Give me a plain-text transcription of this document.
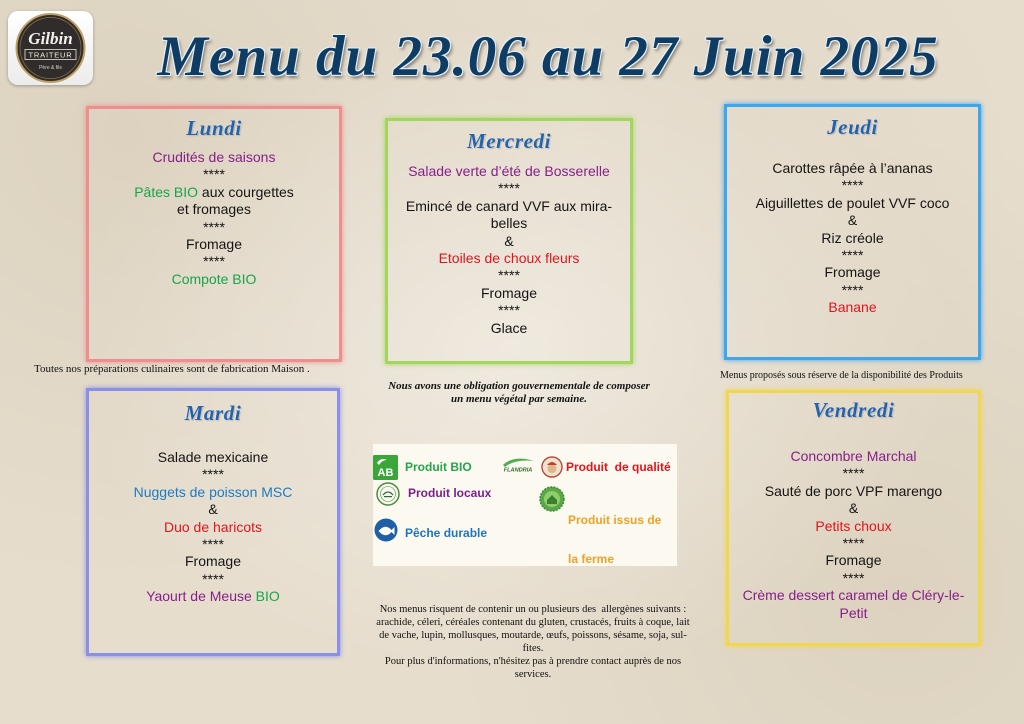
Gilbin
TRAITEUR
Père & fils	Menu du 23.06 au 27 Juin 2025
Lundi
Crudités de saisons
****
Pâtes BIO aux courgettes
et fromages
****
Fromage
****
Compote BIO
Mercredi
Salade verte d’été de Bosserelle
****
Emincé de canard VVF aux mira-
belles
&
Etoiles de choux fleurs
****
Fromage
****
Glace
Jeudi
Carottes râpée à l’ananas
****
Aiguillettes de poulet VVF coco
&
Riz créole
****
Fromage
****
Banane
Mardi
Salade mexicaine
****
Nuggets de poisson MSC
&
Duo de haricots
****
Fromage
****
Yaourt de Meuse BIO
Vendredi
Concombre Marchal
****
Sauté de porc VPF marengo
&
Petits choux
****
Fromage
****
Crème dessert caramel de Cléry-le-
Petit

Toutes nos préparations culinaires sont de fabrication Maison .

Menus proposés sous réserve de la disponibilité des Produits

Nous avons une obligation gouvernementale de composer
un menu végétal par semaine.
AB Produit BIO	FLANDRIA	Produit  de qualité
Produit locaux

Produit issus de

la ferme

Pêche durable
Nos menus risquent de contenir un ou plusieurs des  allergènes suivants :
arachide, céleri, céréales contenant du gluten, crustacés, fruits à coque, lait
de vache, lupin, mollusques, moutarde, œufs, poissons, sésame, soja, sul-
fites.
Pour plus d'informations, n'hésitez pas à prendre contact auprès de nos
services.
